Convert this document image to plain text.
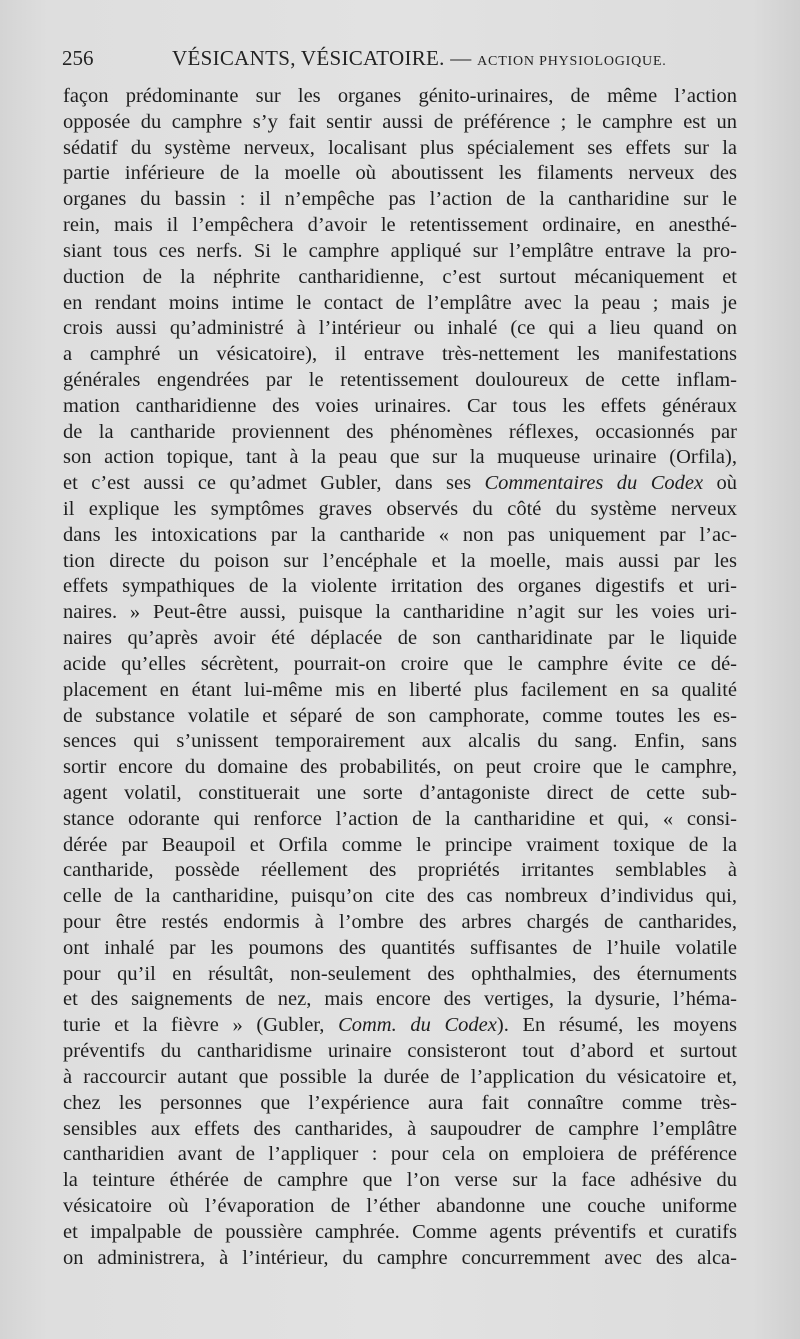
256	VÉSICANTS, VÉSICATOIRE. — ACTION PHYSIOLOGIQUE.
façon prédominante sur les organes génito-urinaires, de même l’action
opposée du camphre s’y fait sentir aussi de préférence ; le camphre est un
sédatif du système nerveux, localisant plus spécialement ses effets sur la
partie inférieure de la moelle où aboutissent les filaments nerveux des
organes du bassin : il n’empêche pas l’action de la cantharidine sur le
rein, mais il l’empêchera d’avoir le retentissement ordinaire, en anesthé-
siant tous ces nerfs. Si le camphre appliqué sur l’emplâtre entrave la pro-
duction de la néphrite cantharidienne, c’est surtout mécaniquement et
en rendant moins intime le contact de l’emplâtre avec la peau ; mais je
crois aussi qu’administré à l’intérieur ou inhalé (ce qui a lieu quand on
a camphré un vésicatoire), il entrave très-nettement les manifestations
générales engendrées par le retentissement douloureux de cette inflam-
mation cantharidienne des voies urinaires. Car tous les effets généraux
de la cantharide proviennent des phénomènes réflexes, occasionnés par
son action topique, tant à la peau que sur la muqueuse urinaire (Orfila),
et c’est aussi ce qu’admet Gubler, dans ses Commentaires du Codex où
il explique les symptômes graves observés du côté du système nerveux
dans les intoxications par la cantharide « non pas uniquement par l’ac-
tion directe du poison sur l’encéphale et la moelle, mais aussi par les
effets sympathiques de la violente irritation des organes digestifs et uri-
naires. » Peut-être aussi, puisque la cantharidine n’agit sur les voies uri-
naires qu’après avoir été déplacée de son cantharidinate par le liquide
acide qu’elles sécrètent, pourrait-on croire que le camphre évite ce dé-
placement en étant lui-même mis en liberté plus facilement en sa qualité
de substance volatile et séparé de son camphorate, comme toutes les es-
sences qui s’unissent temporairement aux alcalis du sang. Enfin, sans
sortir encore du domaine des probabilités, on peut croire que le camphre,
agent volatil, constituerait une sorte d’antagoniste direct de cette sub-
stance odorante qui renforce l’action de la cantharidine et qui, « consi-
dérée par Beaupoil et Orfila comme le principe vraiment toxique de la
cantharide, possède réellement des propriétés irritantes semblables à
celle de la cantharidine, puisqu’on cite des cas nombreux d’individus qui,
pour être restés endormis à l’ombre des arbres chargés de cantharides,
ont inhalé par les poumons des quantités suffisantes de l’huile volatile
pour qu’il en résultât, non-seulement des ophthalmies, des éternuments
et des saignements de nez, mais encore des vertiges, la dysurie, l’héma-
turie et la fièvre » (Gubler, Comm. du Codex). En résumé, les moyens
préventifs du cantharidisme urinaire consisteront tout d’abord et surtout
à raccourcir autant que possible la durée de l’application du vésicatoire et,
chez les personnes que l’expérience aura fait connaître comme très-
sensibles aux effets des cantharides, à saupoudrer de camphre l’emplâtre
cantharidien avant de l’appliquer : pour cela on emploiera de préférence
la teinture éthérée de camphre que l’on verse sur la face adhésive du
vésicatoire où l’évaporation de l’éther abandonne une couche uniforme
et impalpable de poussière camphrée. Comme agents préventifs et curatifs
on administrera, à l’intérieur, du camphre concurremment avec des alca-
